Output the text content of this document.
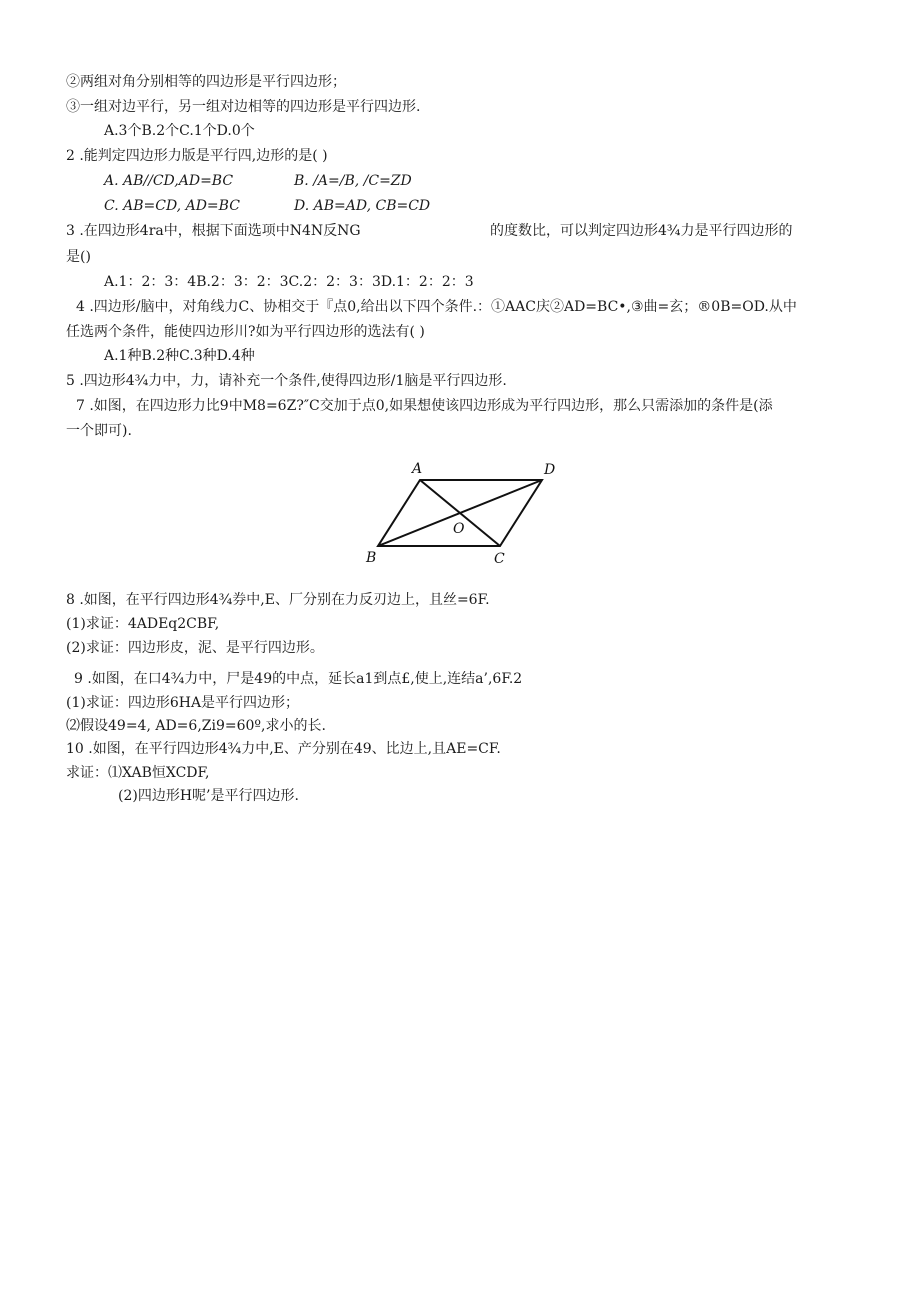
②两组对角分别相等的四边形是平行四边形；
③一组对边平行，另一组对边相等的四边形是平行四边形.
A.3个B.2个C.1个D.0个
2 .能判定四边形力版是平行四,边形的是( )
A. AB//CD,AD=BC	B. /A=/B, /C=ZD
C. AB=CD, AD=BC	D. AB=AD, CB=CD
3 .在四边形4ra中，根据下面选项中N4N反NG	的度数比，可以判定四边形4¾力是平行四边形的
是()
A.1：2：3：4B.2：3：2：3C.2：2：3：3D.1：2：2：3
4 .四边形/脑中，对角线力C、协相交于『点0,给出以下四个条件.：①AAC庆②AD=BC•,③曲=玄；®0B=OD.从中
任选两个条件，能使四边形川?如为平行四边形的选法有( )
A.1种B.2种C.3种D.4种
5 .四边形4¾力中，力，请补充一个条件,使得四边形/1脑是平行四边形.
7 .如图，在四边形力比9中M8=6Z?″C交加于点0,如果想使该四边形成为平行四边形，那么只需添加的条件是(添
一个即可).
A	D
O
B	C
8 .如图，在平行四边形4¾券中,E、厂分别在力反刃边上，且丝=6F.
(1)求证：4ADEq2CBF,
(2)求证：四边形皮，泥、是平行四边形。
9 .如图，在口4¾力中，尸是49的中点，延长a1到点£,使上,连结a’,6F.2
(1)求证：四边形6HA是平行四边形；
⑵假设49=4, AD=6,Zi9=60º,求小的长.
10 .如图，在平行四边形4¾力中,E、产分别在49、比边上,且AE=CF.
求证：⑴XAB恒XCDF,
(2)四边形H呢’是平行四边形.
